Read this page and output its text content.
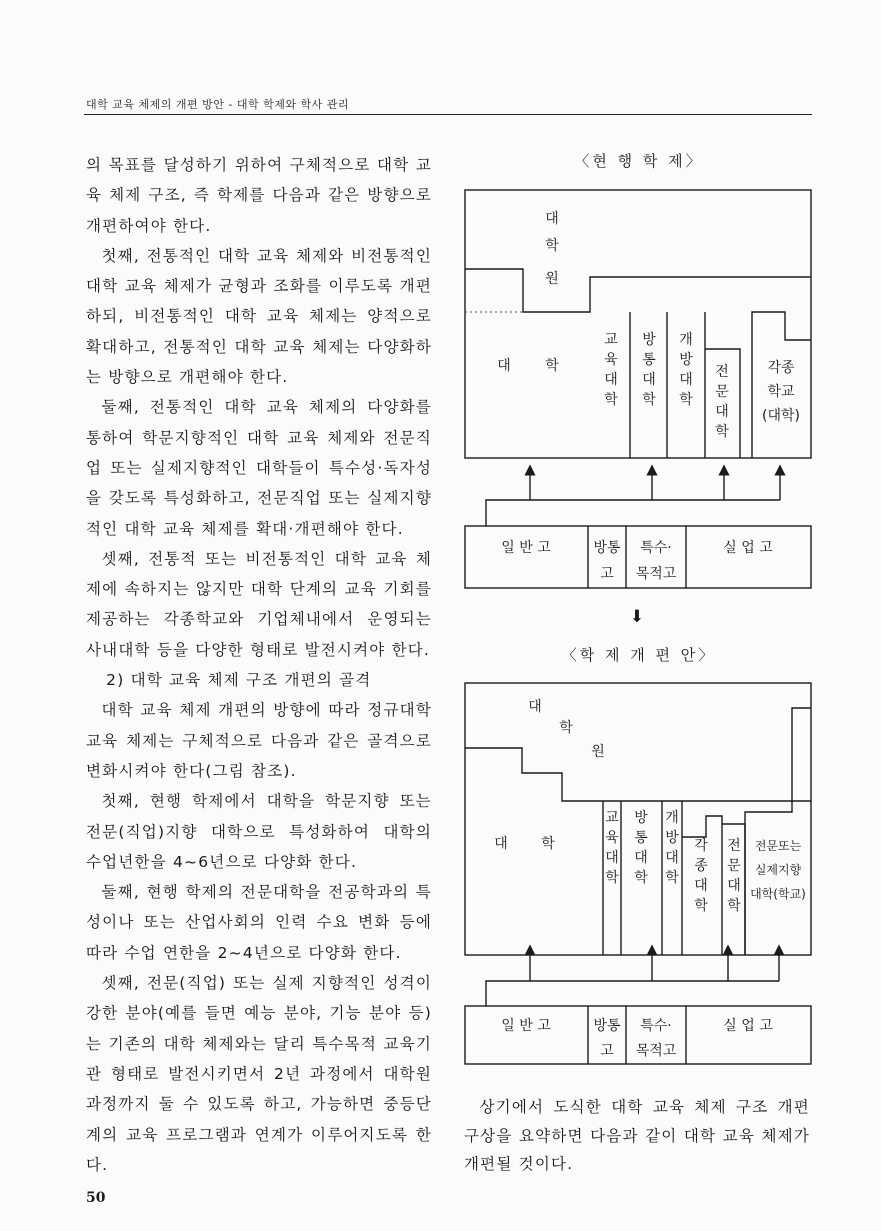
대학 교육 체제의 개편 방안 - 대학 학제와 학사 관리

의 목표를 달성하기 위하여 구체적으로 대학 교육 체제 구조, 즉 학제를 다음과 같은 방향으로 개편하여야 한다.

첫째, 전통적인 대학 교육 체제와 비전통적인 대학 교육 체제가 균형과 조화를 이루도록 개편하되, 비전통적인 대학 교육 체제는 양적으로 확대하고, 전통적인 대학 교육 체제는 다양화하는 방향으로 개편해야 한다.

둘째, 전통적인 대학 교육 체제의 다양화를 통하여 학문지향적인 대학 교육 체제와 전문직업 또는 실제지향적인 대학들이 특수성·독자성을 갖도록 특성화하고, 전문직업 또는 실제지향적인 대학 교육 체제를 확대·개편해야 한다.

셋째, 전통적 또는 비전통적인 대학 교육 체제에 속하지는 않지만 대학 단계의 교육 기회를 제공하는 각종학교와 기업체내에서 운영되는 사내대학 등을 다양한 형태로 발전시켜야 한다.

2) 대학 교육 체제 구조 개편의 골격

대학 교육 체제 개편의 방향에 따라 정규대학 교육 체제는 구체적으로 다음과 같은 골격으로 변화시켜야 한다(그림 참조).

첫째, 현행 학제에서 대학을 학문지향 또는 전문(직업)지향 대학으로 특성화하여 대학의 수업년한을 4~6년으로 다양화 한다.

둘째, 현행 학제의 전문대학을 전공학과의 특성이나 또는 산업사회의 인력 수요 변화 등에 따라 수업 연한을 2~4년으로 다양화 한다.

셋째, 전문(직업) 또는 실제 지향적인 성격이 강한 분야(예를 들면 예능 분야, 기능 분야 등)는 기존의 대학 체제와는 달리 특수목적 교육기관 형태로 발전시키면서 2년 과정에서 대학원 과정까지 둘 수 있도록 하고, 가능하면 중등단계의 교육 프로그램과 연계가 이루어지도록 한다.

50
〈현 행 학 제〉
〈학 제 개 편 안〉
대
학
원
대 학
교
육
대
학
방
통
대
학
개
방
대
학
전
문
대
학
각종
학교
(대학)
일 반 고	방통
고
특수·
목적고
실 업 고
⬇
대
학
원
대 학
교
육
대
학
방
통
대
학
개
방
대
학
각
종
대
학
전
문
대
학
전문또는
실제지향
대학(학교)
일 반 고	방통
고
특수·
목적고
실 업 고

상기에서 도식한 대학 교육 체제 구조 개편 구상을 요약하면 다음과 같이 대학 교육 체제가 개편될 것이다.
